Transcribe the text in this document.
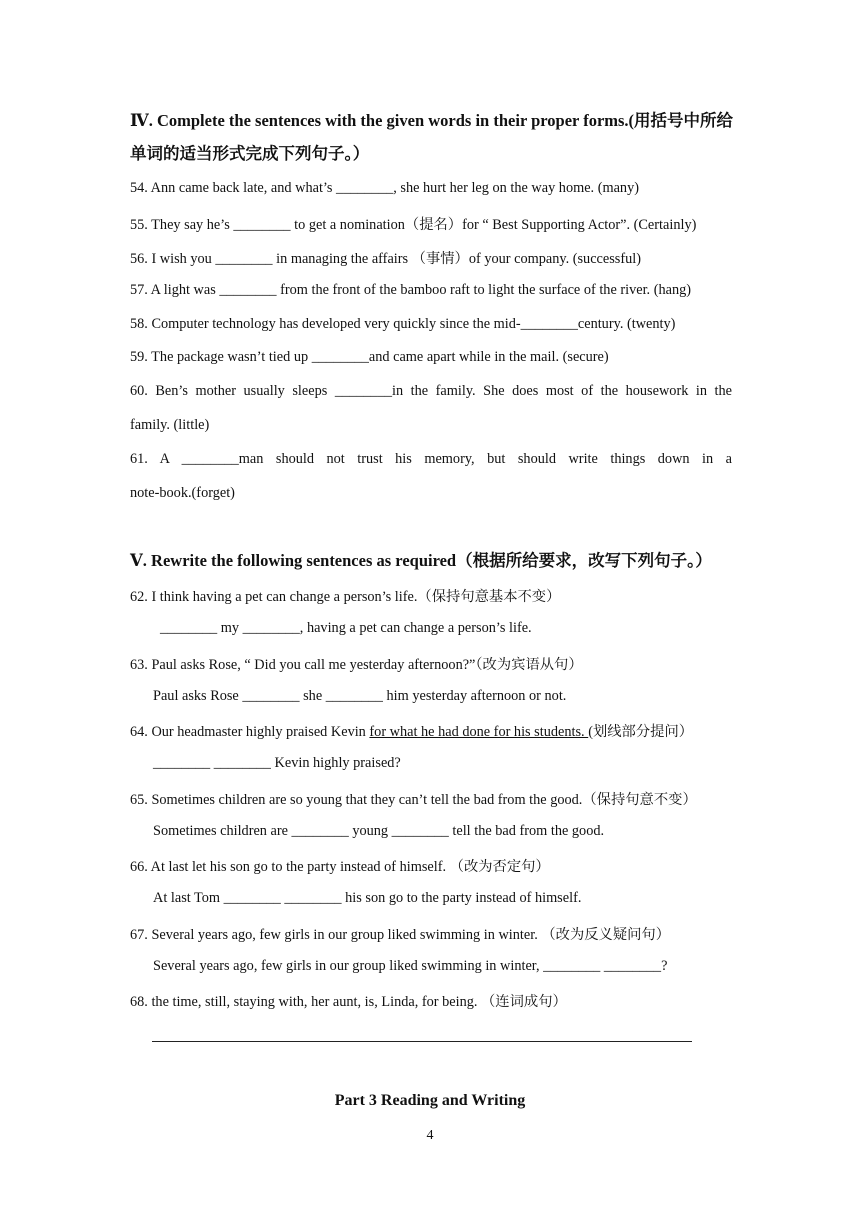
Ⅳ. Complete the sentences with the given words in their proper forms.(用括号中所给单词的适当形式完成下列句子。）

54. Ann came back late, and what’s ________, she hurt her leg on the way home. (many)

55. They say he’s ________ to get a nomination（提名）for “ Best Supporting Actor”. (Certainly)

56. I wish you ________ in managing the affairs （事情）of your company. (successful)

57. A light was ________ from the front of the bamboo raft to light the surface of the river. (hang)

58. Computer technology has developed very quickly since the mid-________century. (twenty)

59. The package wasn’t tied up ________and came apart while in the mail. (secure)

60. Ben’s mother usually sleeps ________in the family. She does most of the housework in the

family. (little)

61. A ________man should not trust his memory, but should write things down in a

note-book.(forget)

Ⅴ. Rewrite the following sentences as required（根据所给要求，改写下列句子。）

62. I think having a pet can change a person’s life.（保持句意基本不变）

________ my ________, having a pet can change a person’s life.

63. Paul asks Rose, “ Did you call me yesterday afternoon?”（改为宾语从句）

Paul asks Rose ________ she ________ him yesterday afternoon or not.

64. Our headmaster highly praised Kevin for what he had done for his students. (划线部分提问）

________ ________ Kevin highly praised?

65. Sometimes children are so young that they can’t tell the bad from the good.（保持句意不变）

Sometimes children are ________ young ________ tell the bad from the good.

66. At last let his son go to the party instead of himself. （改为否定句）

At last Tom ________ ________ his son go to the party instead of himself.

67. Several years ago, few girls in our group liked swimming in winter. （改为反义疑问句）

Several years ago, few girls in our group liked swimming in winter, ________ ________?

68. the time, still, staying with, her aunt, is, Linda, for being. （连词成句）

Part 3 Reading and Writing

4
